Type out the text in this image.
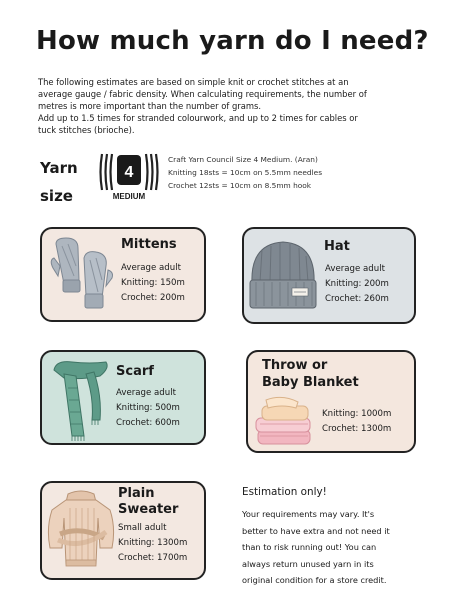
How much yarn do I need?

The following estimates are based on simple knit or crochet stitches at an

average gauge / fabric density. When calculating requirements, the number of

metres is more important than the number of grams.

Add up to 1.5 times for stranded colourwork, and up to 2 times for cables or

tuck stitches (brioche).

Yarn
size
4
MEDIUM
Craft Yarn Council Size 4 Medium. (Aran)
Knitting 18sts = 10cm on 5.5mm needles
Crochet 12sts = 10cm on 8.5mm hook
Mittens
Average adult
Knitting: 150m
Crochet: 200m
Hat
Average adult
Knitting: 200m
Crochet: 260m
Scarf
Average adult
Knitting: 500m
Crochet: 600m
Throw or
Baby Blanket
Knitting: 1000m
Crochet: 1300m
Plain
Sweater
Small adult
Knitting: 1300m
Crochet: 1700m
Estimation only!
Your requirements may vary. It's
better to have extra and not need it
than to risk running out! You can
always return unused yarn in its
original condition for a store credit.
